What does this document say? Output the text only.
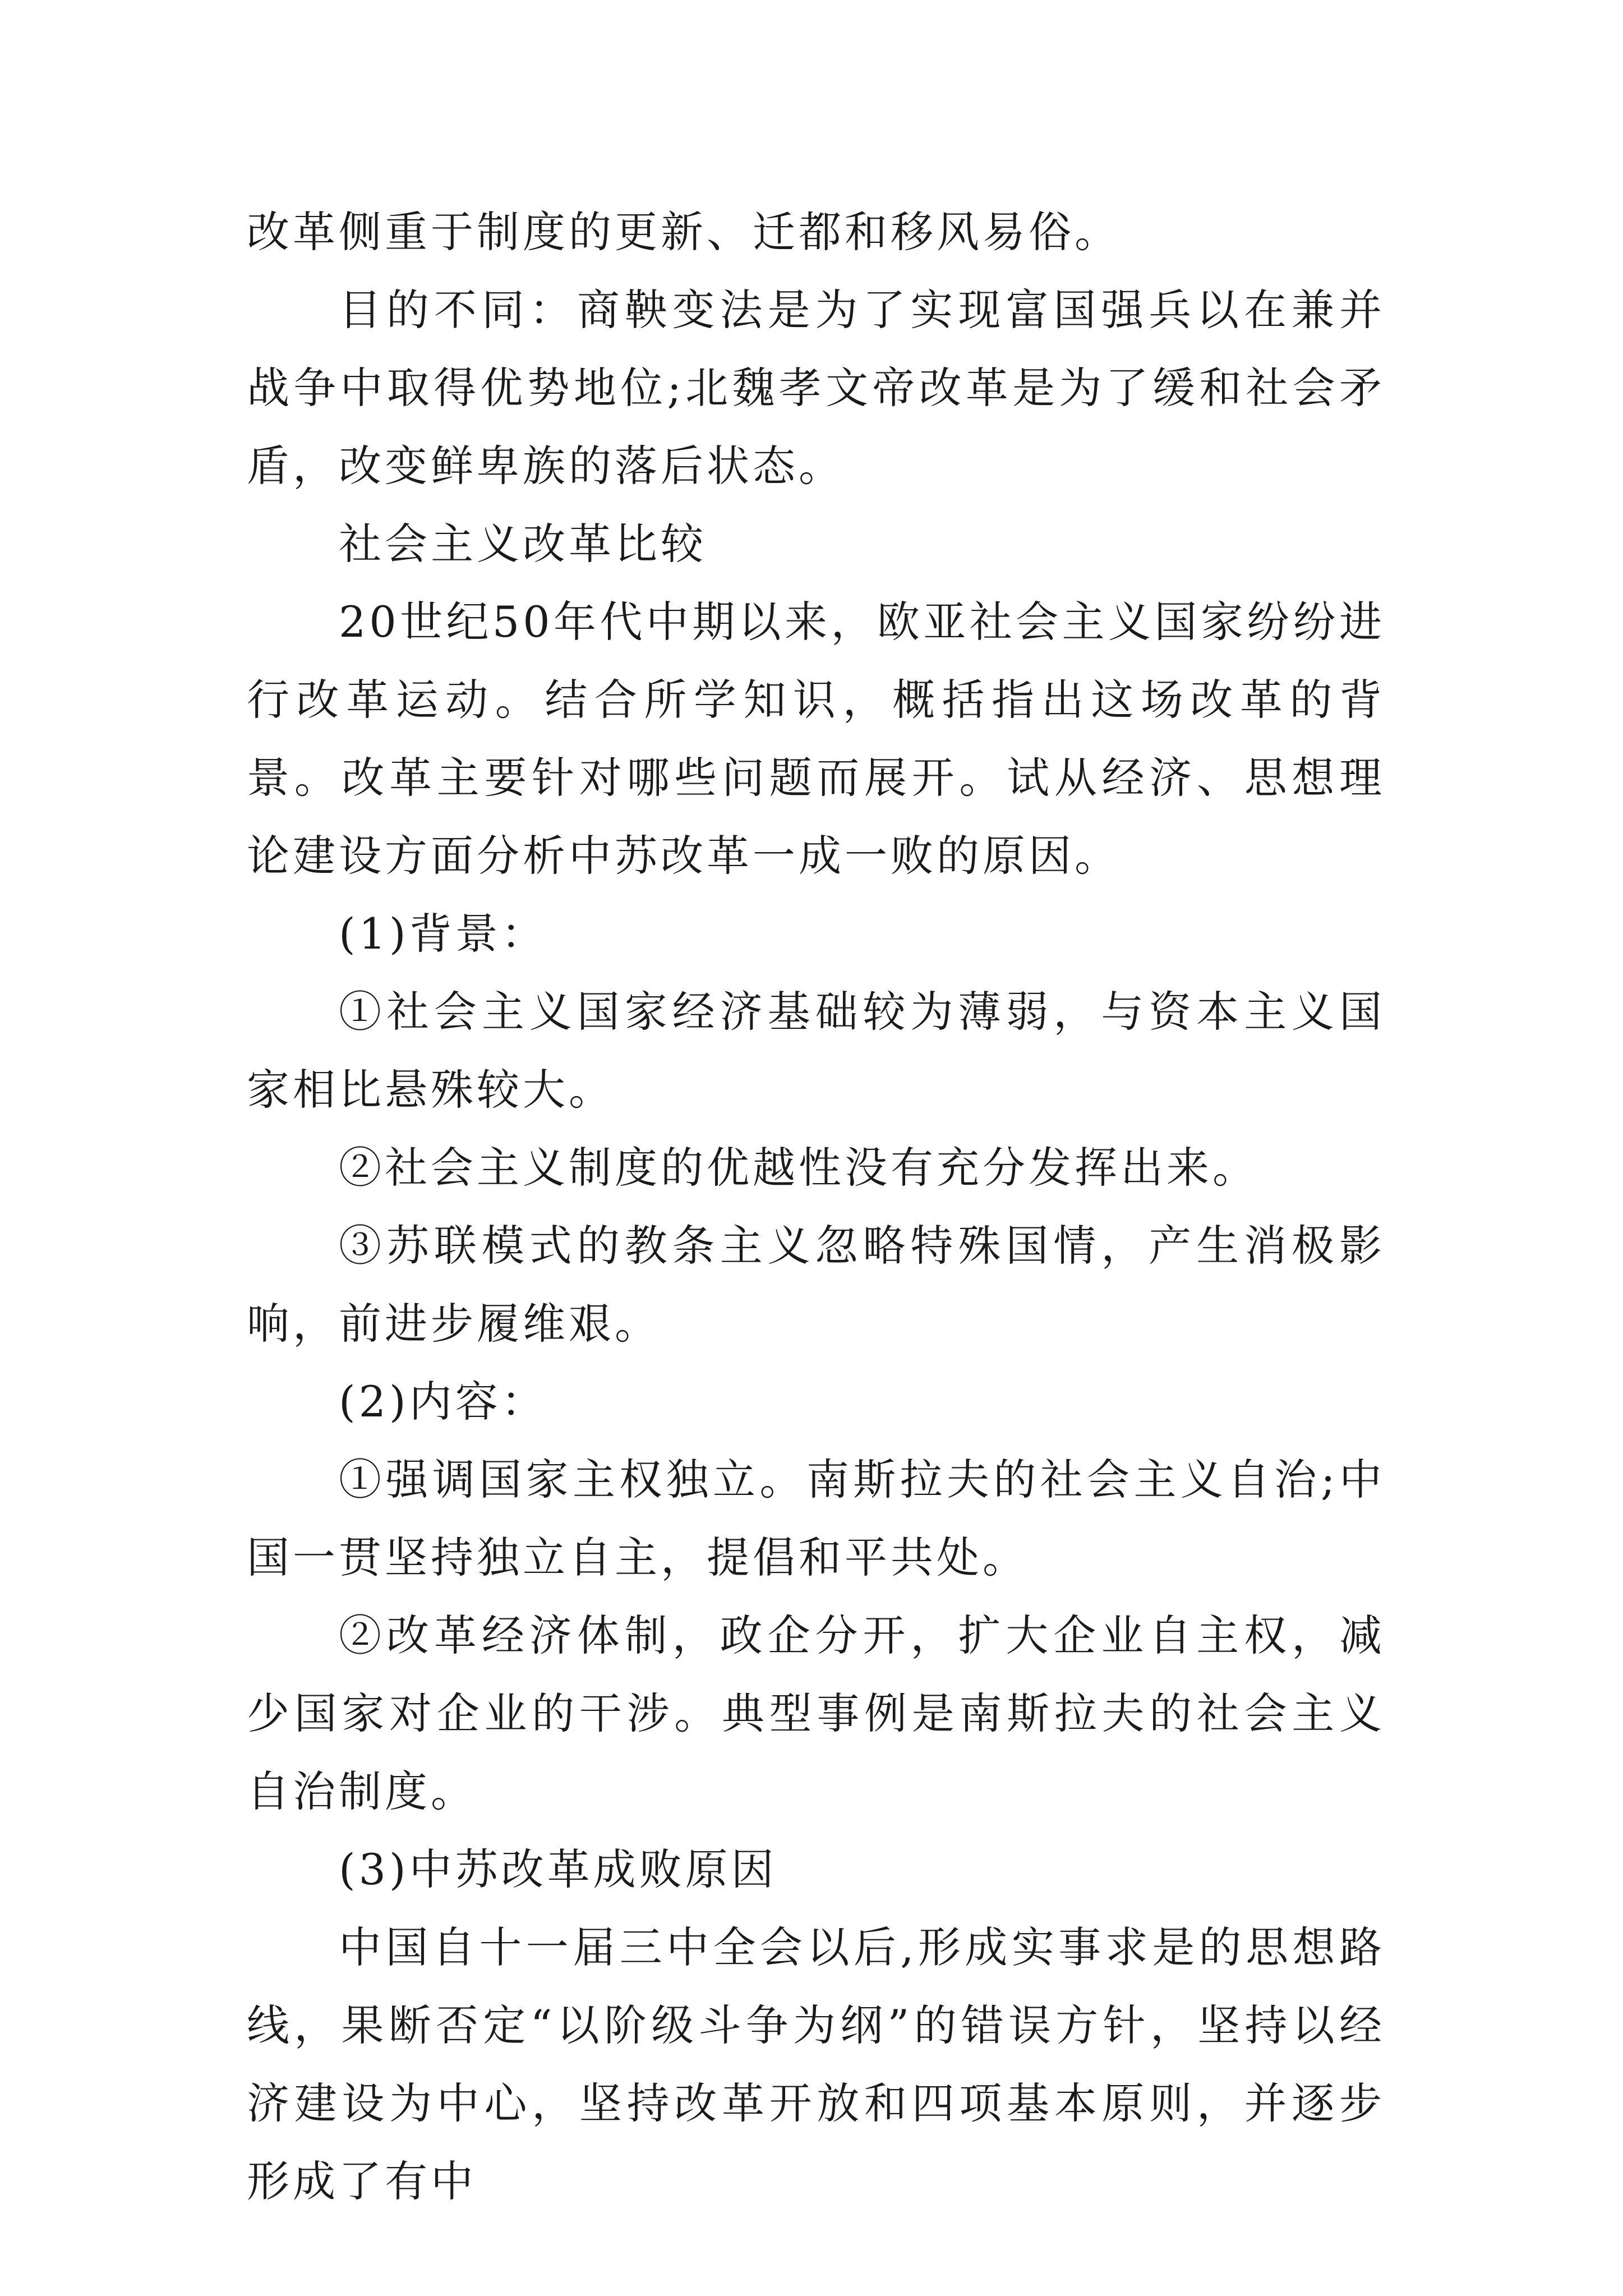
改革侧重于制度的更新、迁都和移风易俗。

目的不同：商鞅变法是为了实现富国强兵以在兼并战争中取得优势地位;北魏孝文帝改革是为了缓和社会矛盾，改变鲜卑族的落后状态。

社会主义改革比较

20世纪50年代中期以来，欧亚社会主义国家纷纷进行改革运动。结合所学知识，概括指出这场改革的背景。改革主要针对哪些问题而展开。试从经济、思想理论建设方面分析中苏改革一成一败的原因。

(1)背景：

①社会主义国家经济基础较为薄弱，与资本主义国家相比悬殊较大。

②社会主义制度的优越性没有充分发挥出来。

③苏联模式的教条主义忽略特殊国情，产生消极影响，前进步履维艰。

(2)内容：

①强调国家主权独立。南斯拉夫的社会主义自治;中国一贯坚持独立自主，提倡和平共处。

②改革经济体制，政企分开，扩大企业自主权，减少国家对企业的干涉。典型事例是南斯拉夫的社会主义自治制度。

(3)中苏改革成败原因

中国自十一届三中全会以后,形成实事求是的思想路线，果断否定“以阶级斗争为纲”的错误方针，坚持以经济建设为中心，坚持改革开放和四项基本原则，并逐步形成了有中
